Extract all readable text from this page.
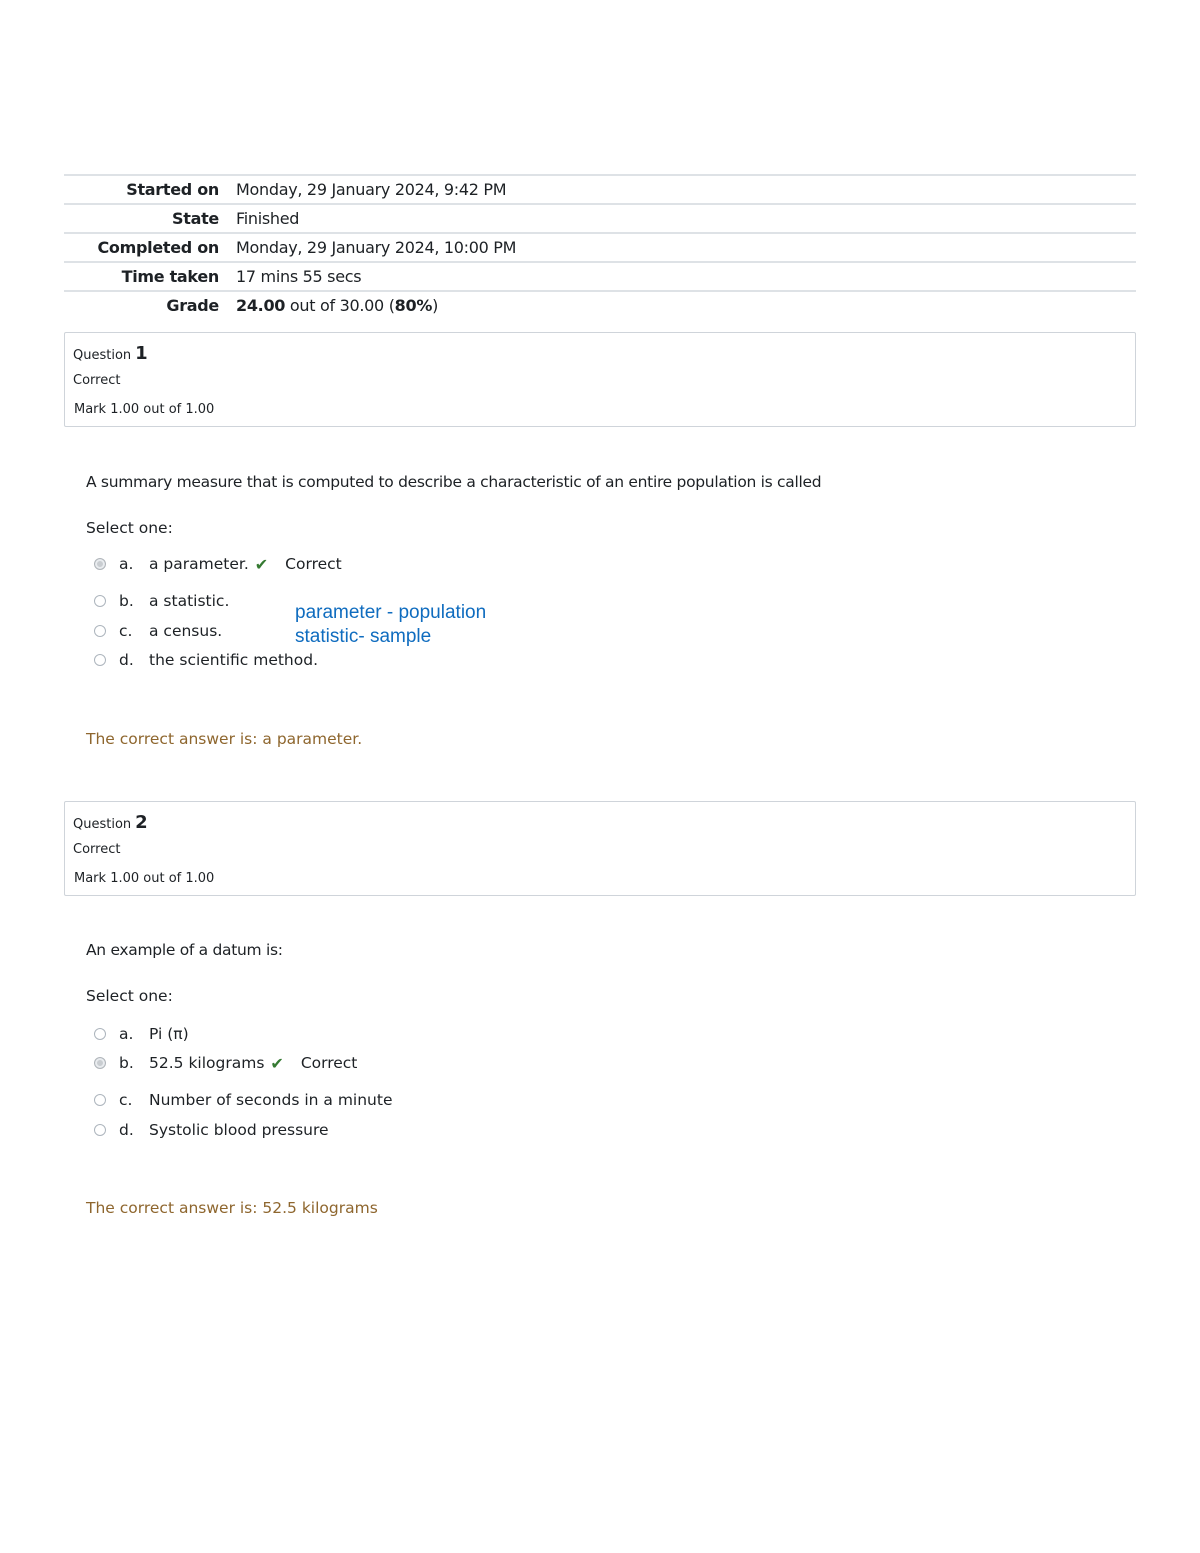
Started on	Monday, 29 January 2024, 9:42 PM
State	Finished
Completed on	Monday, 29 January 2024, 10:00 PM
Time taken	17 mins 55 secs
Grade	24.00 out of 30.00 (80%)
Question 1
Correct
Mark 1.00 out of 1.00
A summary measure that is computed to describe a characteristic of an entire population is called
Select one:
a.	a parameter. ✔ Correct
b. a statistic.
c.	a census.
d. the scientific method.
parameter - population
statistic- sample
The correct answer is: a parameter.
Question 2
Correct
Mark 1.00 out of 1.00
An example of a datum is:
Select one:
a.	Pi (π)
b. 52.5 kilograms ✔ Correct
c.	Number of seconds in a minute
d. Systolic blood pressure
The correct answer is: 52.5 kilograms
